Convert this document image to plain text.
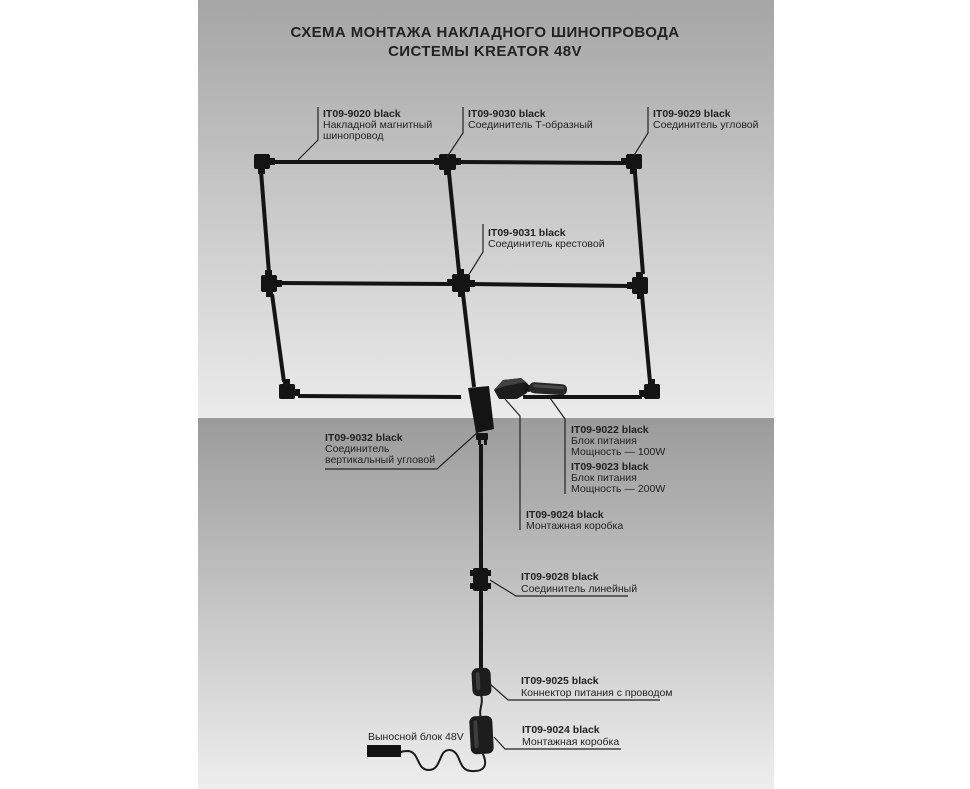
СХЕМА МОНТАЖА НАКЛАДНОГО ШИНОПРОВОДА
СИСТЕМЫ KREATOR 48V
IT09-9020 black
Накладной магнитный
шинопровод
IT09-9030 black
Соединитель Т-образный
IT09-9029 black
Соединитель угловой
IT09-9031 black
Соединитель крестовой
IT09-9032 black
Соединитель
вертикальный угловой
IT09-9022 black
Блок питания
Мощность — 100W
IT09-9023 black
Блок питания
Мощность — 200W
IT09-9024 black
Монтажная коробка
IT09-9028 black
Соединитель линейный
IT09-9025 black
Коннектор питания с проводом
IT09-9024 black
Монтажная коробка
Выносной блок 48V
